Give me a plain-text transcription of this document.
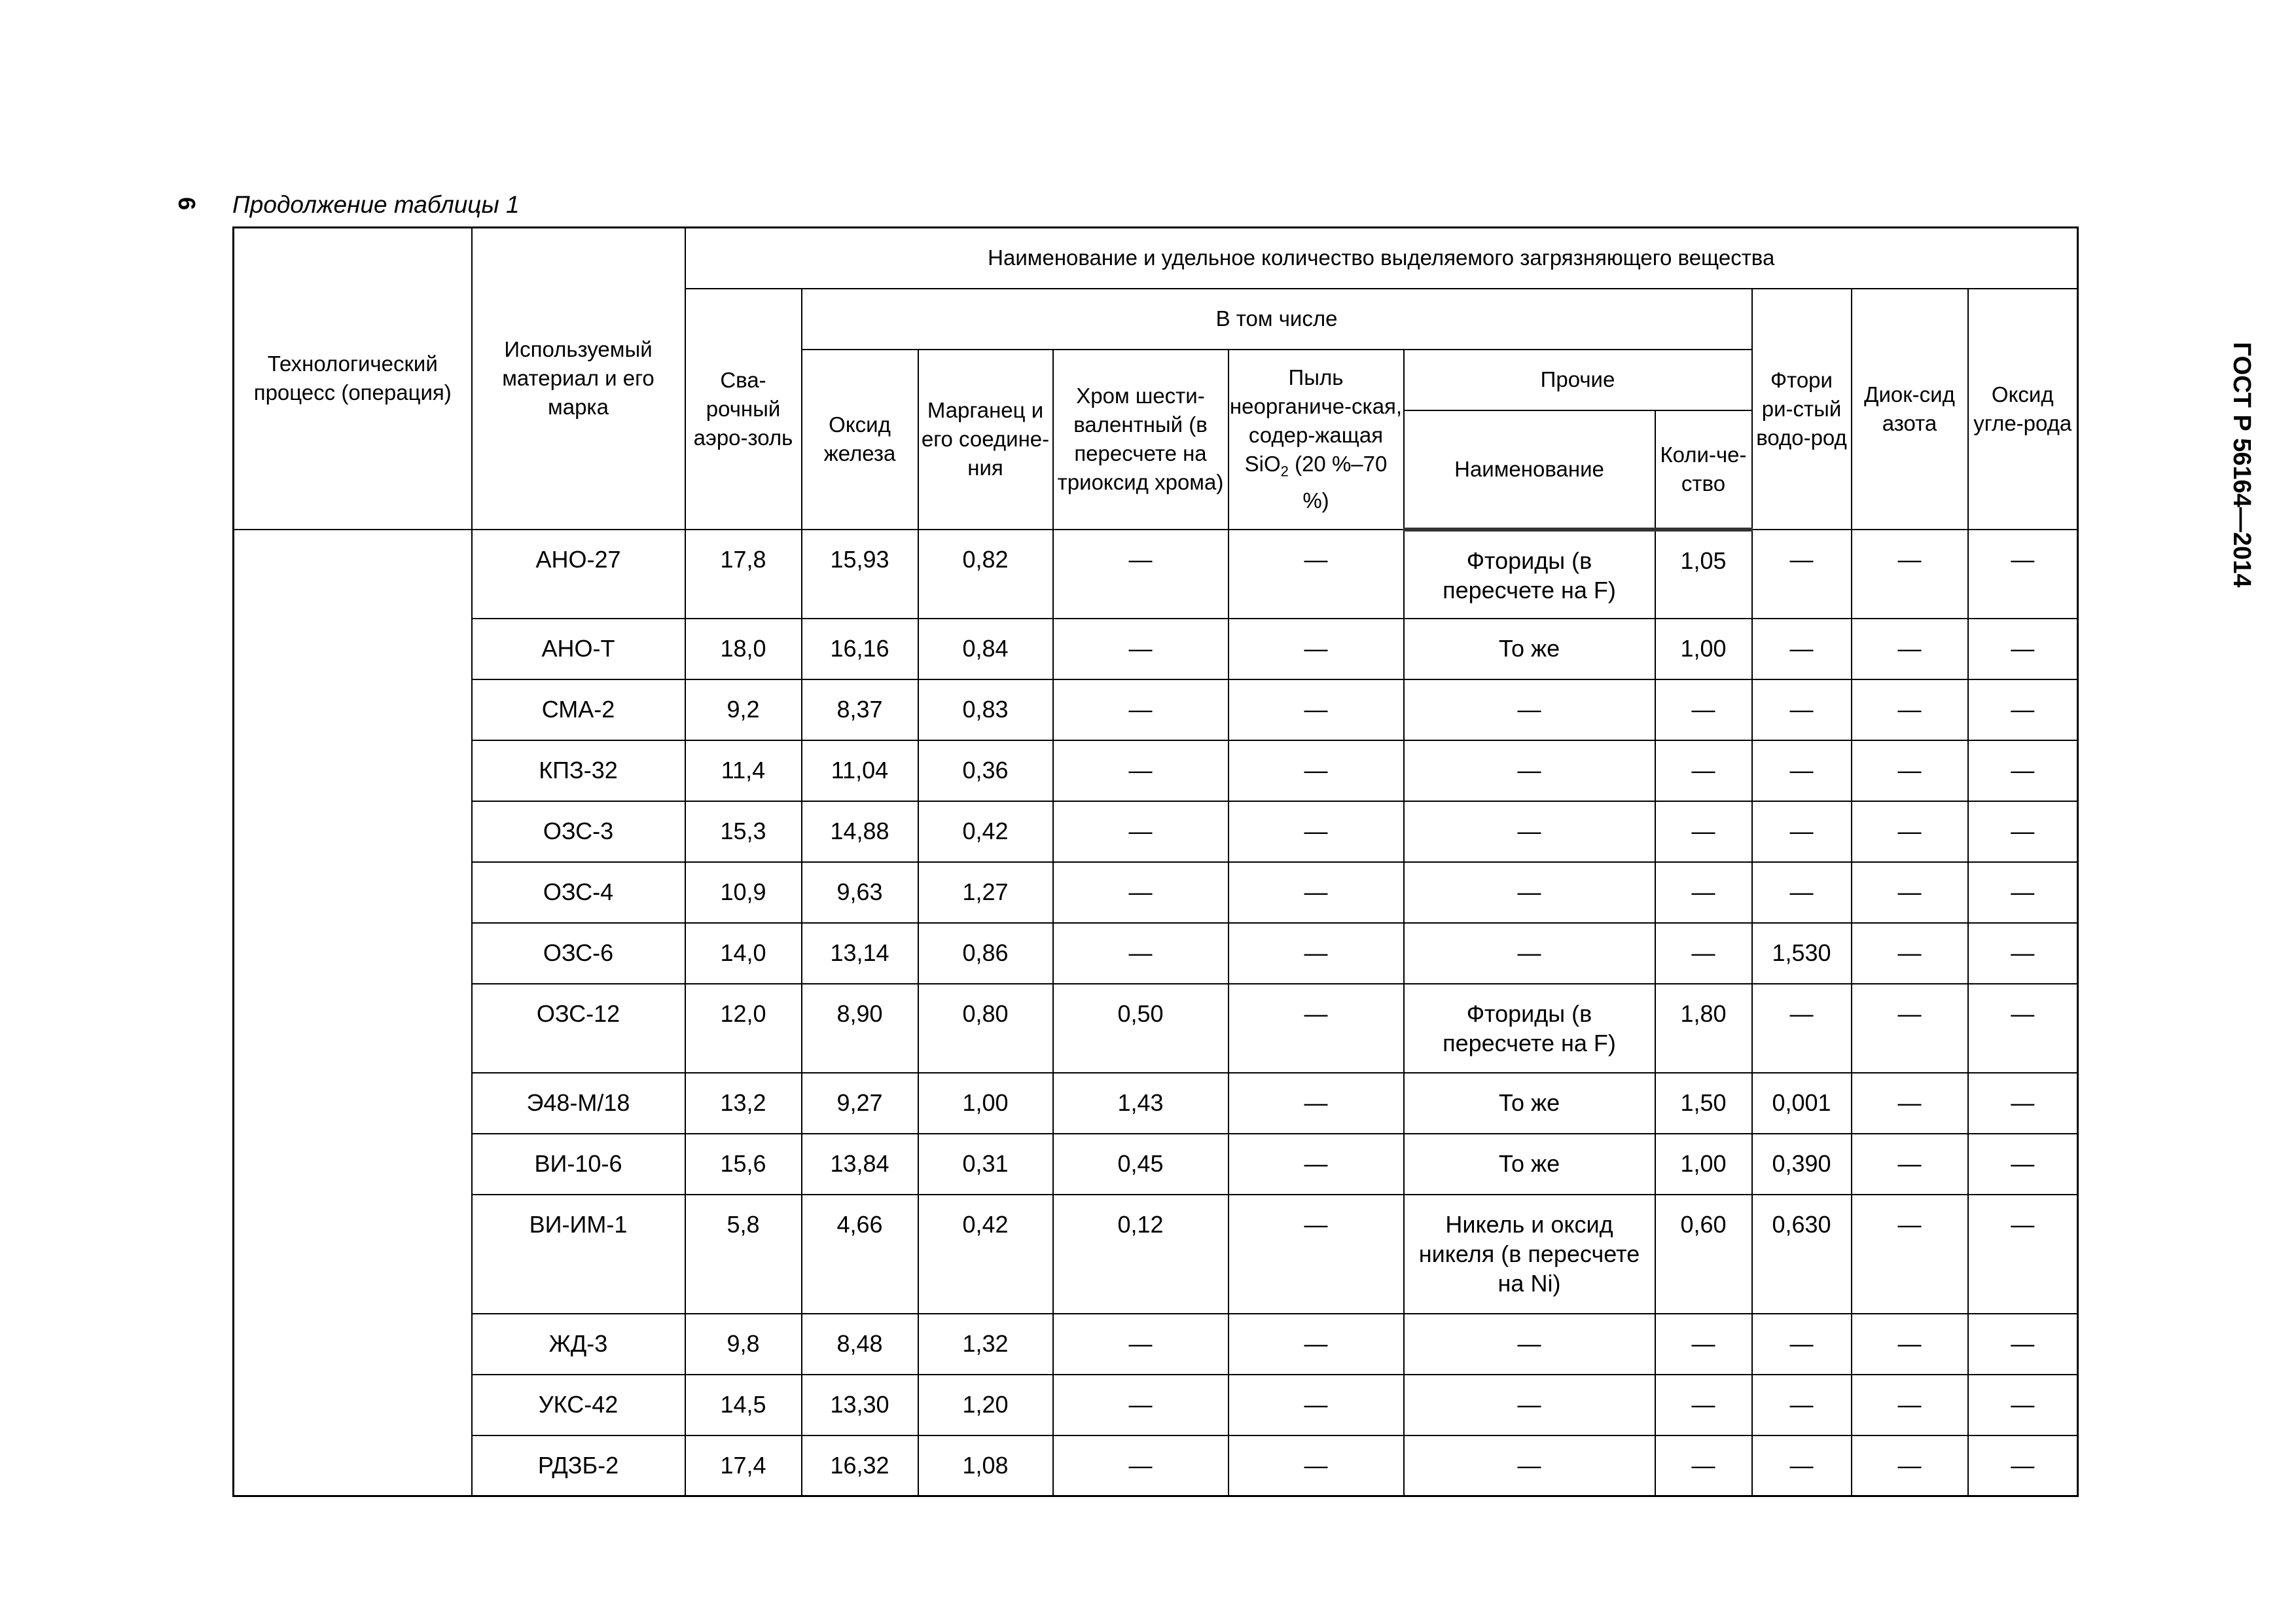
6
ГОСТ Р 56164—2014
Продолжение таблицы 1
Технологический процесс (операция)	Используемый материал и его марка	Наименование и удельное количество выделяемого загрязняющего вещества									
		Сва-рочный аэро-золь	В том числе						Фтори ри-стый водо-род	Диок-сид азота	Оксид угле-рода
			Оксид железа	Марганец и его соедине-ния	Хром шести-валентный (в пересчете на триоксид хрома)	Пыль неорганиче-ская, содер-жащая SiO$_2$ (20 %–70 %)	Прочие				
							Наименование	Коли-че-ство			
	АНО-27	17,8	15,93	0,82	—	—	Фториды (в пересчете на F)	1,05	—	—	—
	АНО-Т	18,0	16,16	0,84	—	—	То же	1,00	—	—	—
	СМА-2	9,2	8,37	0,83	—	—	—	—	—	—	—
	КПЗ-32	11,4	11,04	0,36	—	—	—	—	—	—	—
	ОЗС-3	15,3	14,88	0,42	—	—	—	—	—	—	—
	ОЗС-4	10,9	9,63	1,27	—	—	—	—	—	—	—
	ОЗС-6	14,0	13,14	0,86	—	—	—	—	1,530	—	—
	ОЗС-12	12,0	8,90	0,80	0,50	—	Фториды (в пересчете на F)	1,80	—	—	—
	Э48-М/18	13,2	9,27	1,00	1,43	—	То же	1,50	0,001	—	—
	ВИ-10-6	15,6	13,84	0,31	0,45	—	То же	1,00	0,390	—	—
	ВИ-ИМ-1	5,8	4,66	0,42	0,12	—	Никель и оксид никеля (в пересчете на Ni)	0,60	0,630	—	—
	ЖД-3	9,8	8,48	1,32	—	—	—	—	—	—	—
	УКС-42	14,5	13,30	1,20	—	—	—	—	—	—	—
	РДЗБ-2	17,4	16,32	1,08	—	—	—	—	—	—	—
